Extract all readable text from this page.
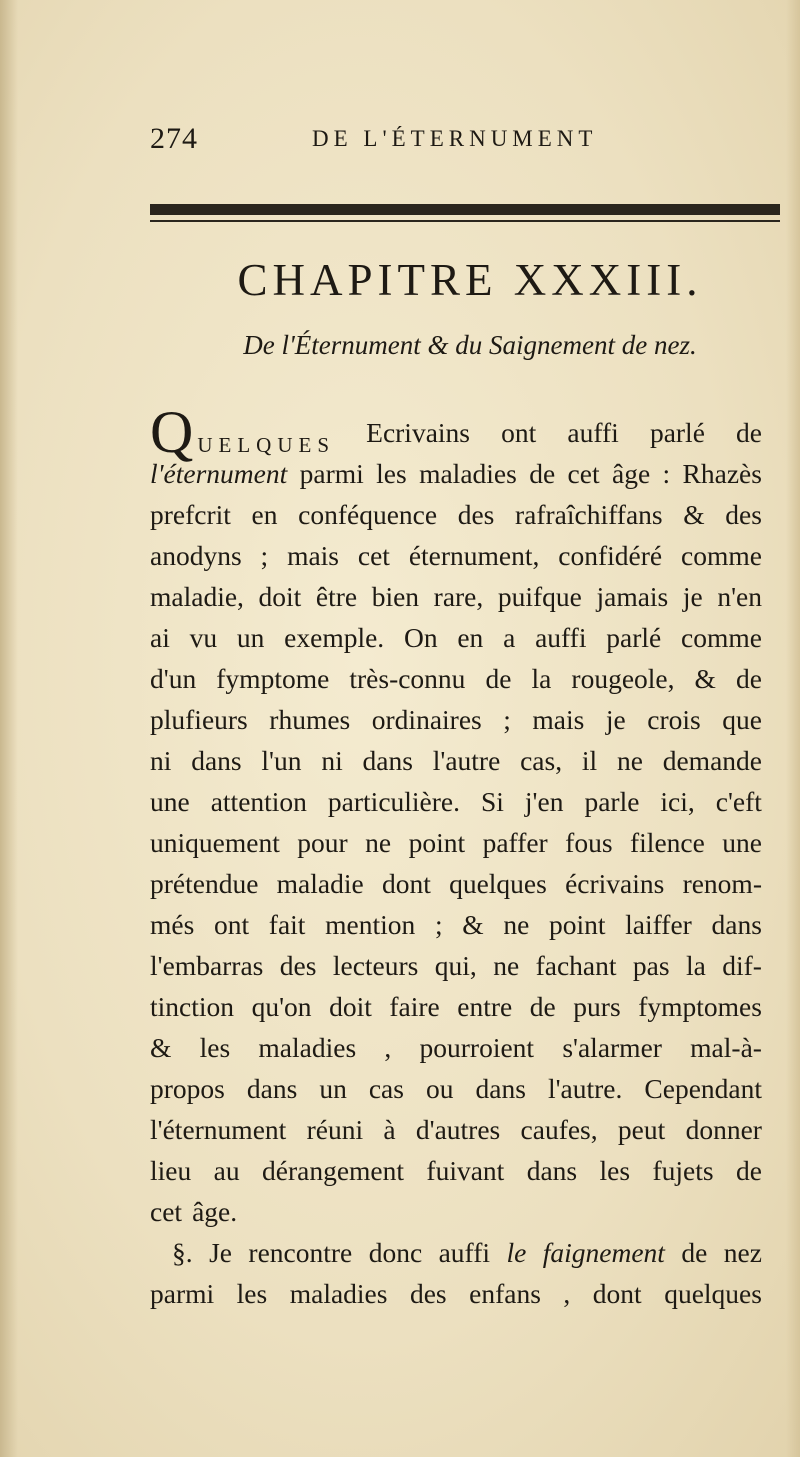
274	DE L'ÉTERNUMENT
CHAPITRE XXXIII.
De l'Éternument & du Saignement de nez.
QUELQUES Ecrivains ont auffi parlé de
l'éternument parmi les maladies de cet âge : Rhazès
prefcrit en conféquence des rafraîchiffans & des
anodyns ; mais cet éternument, confidéré comme
maladie, doit être bien rare, puifque jamais je n'en
ai vu un exemple. On en a auffi parlé comme
d'un fymptome très-connu de la rougeole, & de
plufieurs rhumes ordinaires ; mais je crois que
ni dans l'un ni dans l'autre cas, il ne demande
une attention particulière. Si j'en parle ici, c'eft
uniquement pour ne point paffer fous filence une
prétendue maladie dont quelques écrivains renom-
més ont fait mention ; & ne point laiffer dans
l'embarras des lecteurs qui, ne fachant pas la dif-
tinction qu'on doit faire entre de purs fymptomes
& les maladies , pourroient s'alarmer mal-à-
propos dans un cas ou dans l'autre. Cependant
l'éternument réuni à d'autres caufes, peut donner
lieu au dérangement fuivant dans les fujets de
cet âge.
§. Je rencontre donc auffi le faignement de nez
parmi les maladies des enfans , dont quelques
